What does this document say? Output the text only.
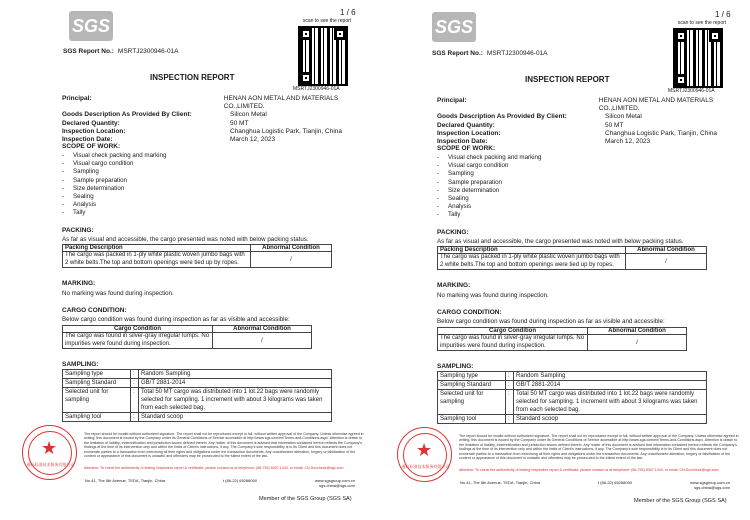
SGS
1 / 6
scan to see the report
MSRTJ2300946-01A
SGS Report No.: MSRTJ2300946-01A
INSPECTION REPORT
Principal:	HENAN AON METAL AND MATERIALS CO.,LIMITED.
Goods Description As Provided By Client:	Silicon Metal
Declared Quantity:	50 MT
Inspection Location:	Changhua Logistic Park, Tianjin, China
Inspection Date:	March 12, 2023
SCOPE OF WORK:
- Visual check packing and marking
- Visual cargo condition
- Sampling
- Sample preparation
- Size determination
- Sealing
- Analysis
- Tally
PACKING:
As far as visual and accessible, the cargo presented was noted with below packing status.
Packing Description	Abnormal Condition
The cargo was packed in 1-ply white plastic woven jumbo bags with 2 white belts.The top and bottom openings were tied up by ropes.	/
MARKING:
No marking was found during inspection.
CARGO CONDITION:
Below cargo condition was found during inspection as far as visible and accessible:
Cargo Condition	Abnormal Condition
The cargo was found in silver-gray irregular lumps. No impurities were found during inspection.	/
SAMPLING:
Sampling type	:	Random Sampling
Sampling Standard	:	GB/T 2881-2014
Selected unit for sampling	:	Total 50 MT cargo was distributed into 1 lot.22 bags were randomly selected for sampling. 1 increment with about 3 kilograms was taken from each selected bag.
Sampling tool	:	Standard scoop
★
通标标准技术服务有限公司
The report should be invalid without authorized signature. The report shall not be reproduced except in full, without written approval of the Company. Unless otherwise agreed in writing, this document is issued by the Company under its General Conditions of Service accessible at http://www.sgs.com/en/Terms-and-Conditions.aspx. Attention is drawn to the limitation of liability, indemnification and jurisdiction issues defined therein. Any holder of this document is advised that information contained hereon reflects the Company's findings at the time of its intervention only and within the limits of Client's instructions, if any. The Company's sole responsibility is to its Client and this document does not exonerate parties to a transaction from exercising all their rights and obligations under the transaction documents. Any unauthorized alteration, forgery or falsification of the content or appearance of this document is unlawful and offenders may be prosecuted to the fullest extent of the law.
Attention: To check the authenticity of testing /inspection report & certificate, please contact us at telephone: (86-755) 8307 1443, or email: CN.Doccheck@sgs.com
No.41, The 5th Avenue, TEDA, Tianjin, China	t (86-22) 65288000	www.sgsgroup.com.cn
sgs.china@sgs.com
Member of the SGS Group (SGS SA)
SGS
1 / 6
scan to see the report
MSRTJ2300946-01A
SGS Report No.: MSRTJ2300946-01A
INSPECTION REPORT
Principal:	HENAN AON METAL AND MATERIALS CO.,LIMITED.
Goods Description As Provided By Client:	Silicon Metal
Declared Quantity:	50 MT
Inspection Location:	Changhua Logistic Park, Tianjin, China
Inspection Date:	March 12, 2023
SCOPE OF WORK:
- Visual check packing and marking
- Visual cargo condition
- Sampling
- Sample preparation
- Size determination
- Sealing
- Analysis
- Tally
PACKING:
As far as visual and accessible, the cargo presented was noted with below packing status.
Packing Description	Abnormal Condition
The cargo was packed in 1-ply white plastic woven jumbo bags with 2 white belts.The top and bottom openings were tied up by ropes.	/
MARKING:
No marking was found during inspection.
CARGO CONDITION:
Below cargo condition was found during inspection as far as visible and accessible:
Cargo Condition	Abnormal Condition
The cargo was found in silver-gray irregular lumps. No impurities were found during inspection.	/
SAMPLING:
Sampling type	:	Random Sampling
Sampling Standard	:	GB/T 2881-2014
Selected unit for sampling	:	Total 50 MT cargo was distributed into 1 lot.22 bags were randomly selected for sampling. 1 increment with about 3 kilograms was taken from each selected bag.
Sampling tool	:	Standard scoop
★
通标标准技术服务有限公司
The report should be invalid without authorized signature. The report shall not be reproduced except in full, without written approval of the Company. Unless otherwise agreed in writing, this document is issued by the Company under its General Conditions of Service accessible at http://www.sgs.com/en/Terms-and-Conditions.aspx. Attention is drawn to the limitation of liability, indemnification and jurisdiction issues defined therein. Any holder of this document is advised that information contained hereon reflects the Company's findings at the time of its intervention only and within the limits of Client's instructions, if any. The Company's sole responsibility is to its Client and this document does not exonerate parties to a transaction from exercising all their rights and obligations under the transaction documents. Any unauthorized alteration, forgery or falsification of the content or appearance of this document is unlawful and offenders may be prosecuted to the fullest extent of the law.
Attention: To check the authenticity of testing /inspection report & certificate, please contact us at telephone: (86-755) 8307 1443, or email: CN.Doccheck@sgs.com
No.41, The 5th Avenue, TEDA, Tianjin, China	t (86-22) 65288000	www.sgsgroup.com.cn
sgs.china@sgs.com
Member of the SGS Group (SGS SA)
